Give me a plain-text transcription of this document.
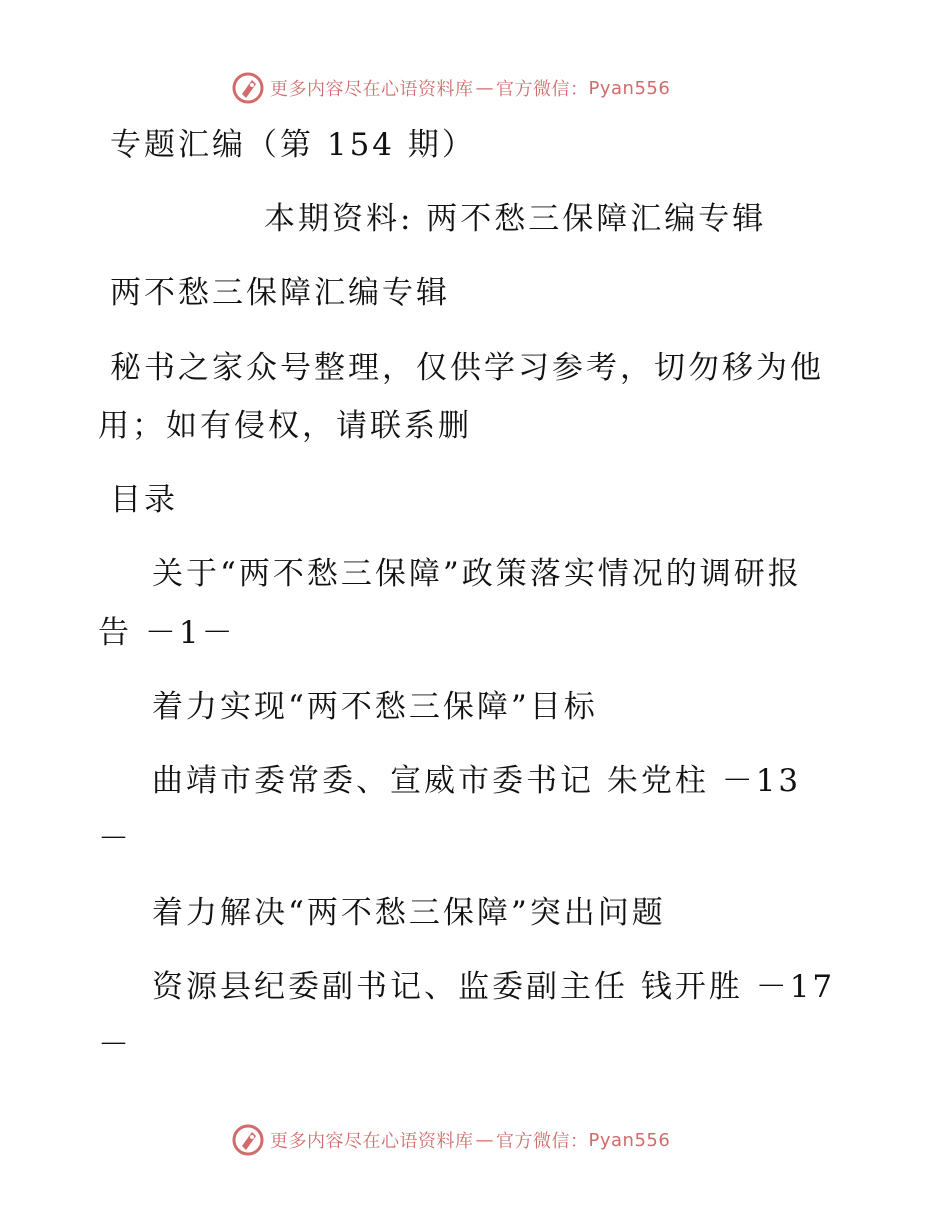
更多内容尽在心语资料库 — 官方微信： Pyan556
专题汇编（第 154 期）
本期资料: 两不愁三保障汇编专辑
两不愁三保障汇编专辑
秘书之家众号整理，仅供学习参考，切勿移为他
用；如有侵权，请联系删
目录
关于“两不愁三保障”政策落实情况的调研报
告 －1－
着力实现“两不愁三保障”目标
曲靖市委常委、宣威市委书记 朱党柱 －13
－
着力解决“两不愁三保障”突出问题
资源县纪委副书记、监委副主任 钱开胜 －17
－
更多内容尽在心语资料库 — 官方微信： Pyan556
